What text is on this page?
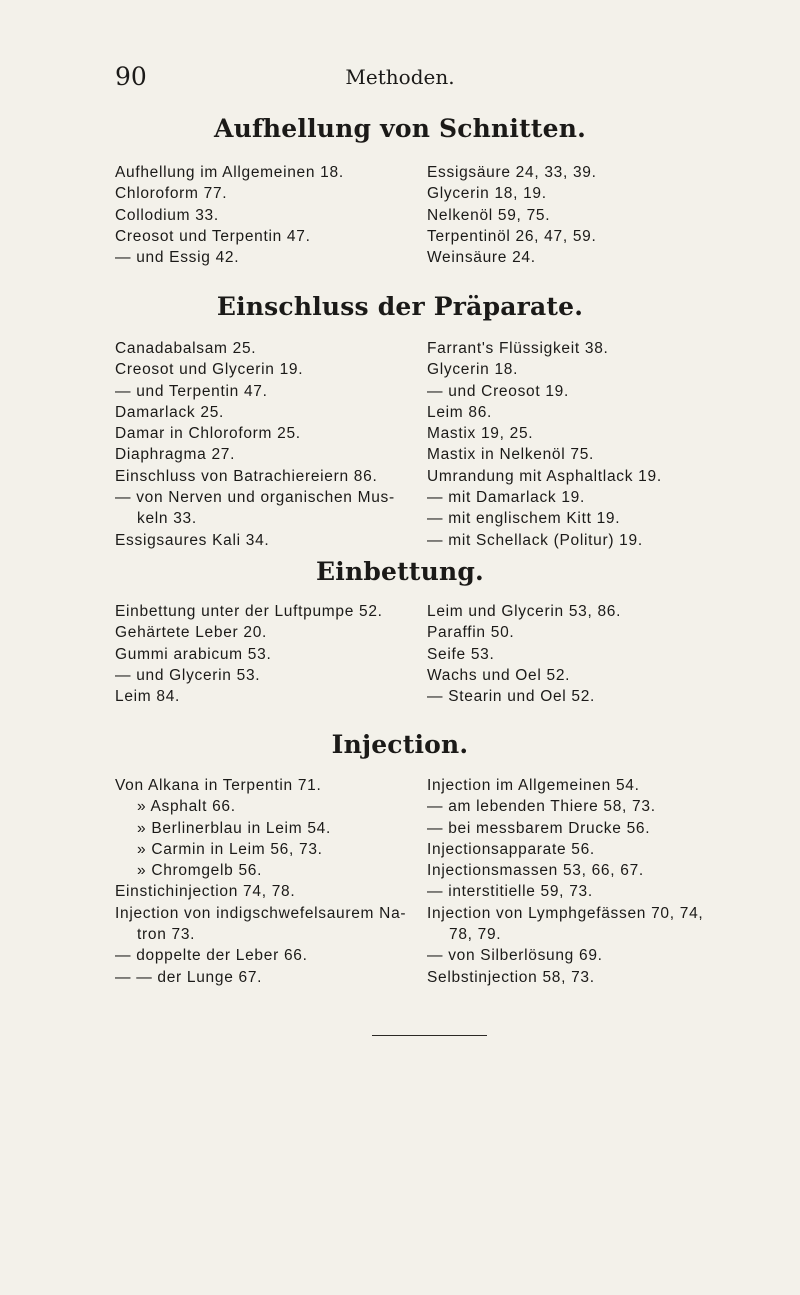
90	Methoden.
Aufhellung von Schnitten.
Aufhellung im Allgemeinen 18.
Chloroform 77.
Collodium 33.
Creosot und Terpentin 47.
— und Essig 42.
Essigsäure 24, 33, 39.
Glycerin 18, 19.
Nelkenöl 59, 75.
Terpentinöl 26, 47, 59.
Weinsäure 24.
Einschluss der Präparate.
Canadabalsam 25.
Creosot und Glycerin 19.
— und Terpentin 47.
Damarlack 25.
Damar in Chloroform 25.
Diaphragma 27.
Einschluss von Batrachiereiern 86.
— von Nerven und organischen Mus-
keln 33.
Essigsaures Kali 34.
Farrant's Flüssigkeit 38.
Glycerin 18.
— und Creosot 19.
Leim 86.
Mastix 19, 25.
Mastix in Nelkenöl 75.
Umrandung mit Asphaltlack 19.
— mit Damarlack 19.
— mit englischem Kitt 19.
— mit Schellack (Politur) 19.
Einbettung.
Einbettung unter der Luftpumpe 52.
Gehärtete Leber 20.
Gummi arabicum 53.
— und Glycerin 53.
Leim 84.
Leim und Glycerin 53, 86.
Paraffin 50.
Seife 53.
Wachs und Oel 52.
— Stearin und Oel 52.
Injection.
Von Alkana in Terpentin 71.
» Asphalt 66.
» Berlinerblau in Leim 54.
» Carmin in Leim 56, 73.
» Chromgelb 56.
Einstichinjection 74, 78.
Injection von indigschwefelsaurem Na-
tron 73.
— doppelte der Leber 66.
— — der Lunge 67.
Injection im Allgemeinen 54.
— am lebenden Thiere 58, 73.
— bei messbarem Drucke 56.
Injectionsapparate 56.
Injectionsmassen 53, 66, 67.
— interstitielle 59, 73.
Injection von Lymphgefässen 70, 74,
78, 79.
— von Silberlösung 69.
Selbstinjection 58, 73.
